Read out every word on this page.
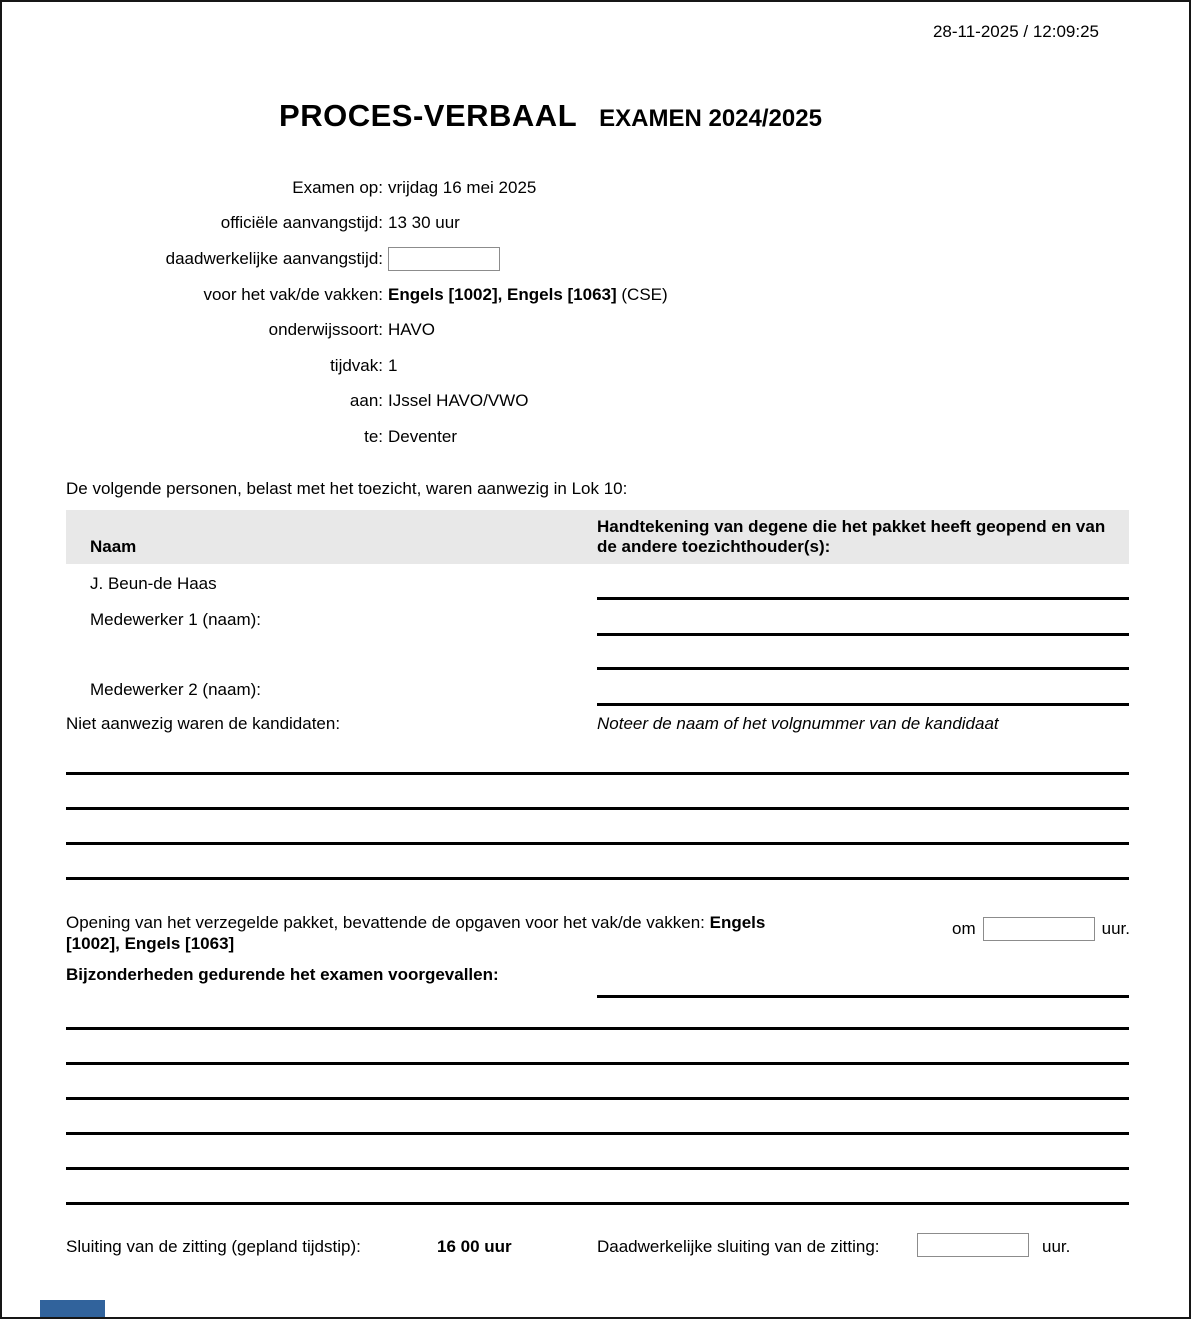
28-11-2025 / 12:09:25
PROCES-VERBAAL EXAMEN 2024/2025
Examen op: vrijdag 16 mei 2025
officiële aanvangstijd: 13 30 uur
daadwerkelijke aanvangstijd:
voor het vak/de vakken: Engels [1002], Engels [1063] (CSE)
onderwijssoort: HAVO
tijdvak: 1
aan: IJssel HAVO/VWO
te: Deventer
De volgende personen, belast met het toezicht, waren aanwezig in Lok 10:
Naam
Handtekening van degene die het pakket heeft geopend en van de andere toezichthouder(s):
J. Beun-de Haas
Medewerker 1 (naam):
Medewerker 2 (naam):
Niet aanwezig waren de kandidaten:	Noteer de naam of het volgnummer van de kandidaat
Opening van het verzegelde pakket, bevattende de opgaven voor het vak/de vakken: Engels [1002], Engels [1063]
om	uur.
Bijzonderheden gedurende het examen voorgevallen:
Sluiting van de zitting (gepland tijdstip):	16 00 uur	Daadwerkelijke sluiting van de zitting:	uur.
